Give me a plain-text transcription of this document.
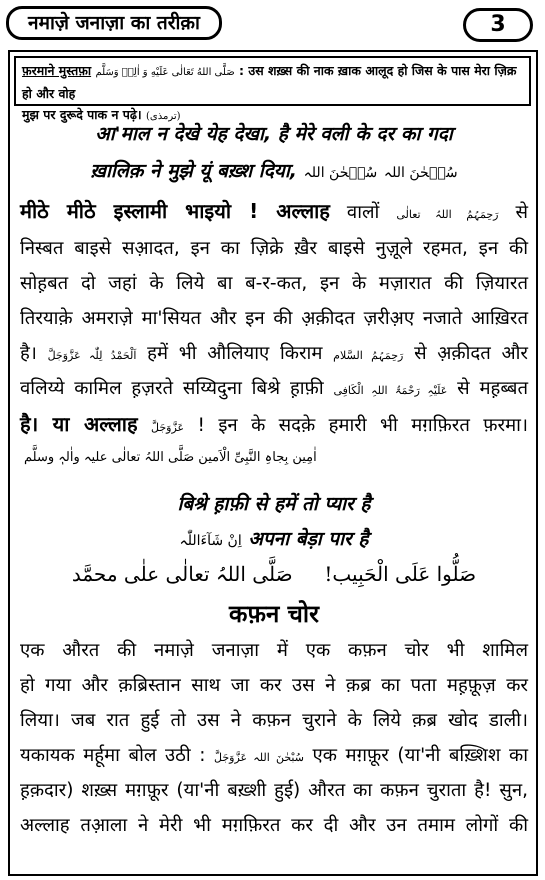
नमाज़े जनाज़ा का तरीक़ा	3
फ़रमाने मुस्तफ़ा صَلَّى اللهُ تَعَالٰى عَلَيْهِ وَ اٰلِهٖ وَسَلَّم : उस शख़्स की नाक ख़ाक आलूद हो जिस के पास मेरा ज़िक्र हो और वोह
मुझ पर दुरूदे पाक न पढ़े। (ترمذی)
आ'माल न देखे येह देखा, है मेरे वली के दर का गदा
ख़ालिक़ ने मुझे यूं बख़्श दिया,	سُبۡحٰنَ اللہ سُبۡحٰنَ اللہ
मीठे मीठे इस्लामी भाइयो ! अल्लाह वालों رَحِمَہُمُ اللہُ تعالٰی से
निस्बत बाइसे सआ़दत, इन का ज़िक्रे ख़ैर बाइसे नुज़ूले रहमत, इन की
सोह़बत दो जहां के लिये बा ब-र-कत, इन के मज़ारात की ज़ियारत
तिरयाक़े अमराज़े मा'सियत और इन की अ़क़ीदत ज़रीअ़ए नजाते आख़िरत
है। اَلْحَمْدُ لِلّٰہ عَزَّوَجَلَّ हमें भी औलियाए किराम رَحِمَہُمُ السَّلام से अ़क़ीदत और
वलिय्ये कामिल ह़ज़रते सय्यिदुना बिश्रे ह़ाफ़ी عَلَیْہِ رَحْمَۃُ اللہِ الْکَافِی से मह़ब्बत
है। या अल्लाह عَزَّوَجَلَّ ! इन के सदक़े हमारी भी मग़फ़िरत फ़रमा।
اٰمِین بِجاہِ النَّبِیِّ الْاَمین صَلَّی اللہُ تعالٰی علیہ واٰلہٖ وسلَّم
बिश्रे ह़ाफ़ी से हमें तो प्यार है
اِنْ شَآءَاللّٰہ अपना बेड़ा पार है
صَلُّوا عَلَی الْحَبِیب!     صَلَّی اللہُ تعالٰی علٰی محمَّد
कफ़न चोर
एक औरत की नमाज़े जनाज़ा में एक कफ़न चोर भी शामिल
हो गया और क़ब्रिस्तान साथ जा कर उस ने क़ब्र का पता मह़फ़ूज़ कर
लिया। जब रात हुई तो उस ने कफ़न चुराने के लिये क़ब्र खोद डाली।
यकायक मर्हूमा बोल उठी : سُبْحٰنَ اللہ عَزَّوَجَلَّ एक मग़फ़ूर (या'नी बख़्शिश का
ह़क़दार) शख़्स मग़फ़ूर (या'नी बख़्शी हुई) औरत का कफ़न चुराता है! सुन,
अल्लाह तआ़ला ने मेरी भी मग़फ़िरत कर दी और उन तमाम लोगों की
